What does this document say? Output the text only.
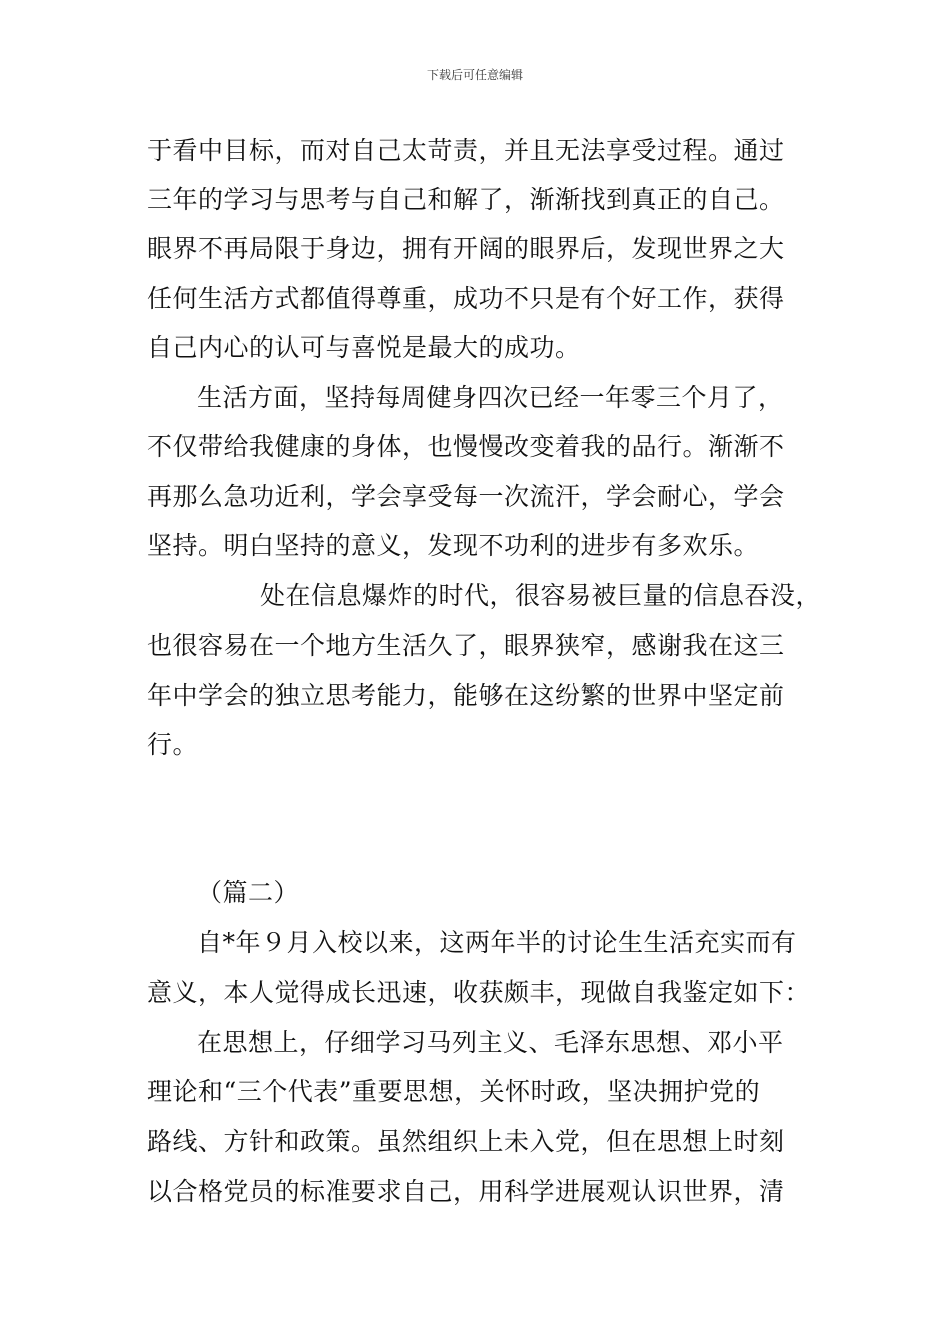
下载后可任意编辑
于看中目标，而对自己太苛责，并且无法享受过程。通过
三年的学习与思考与自己和解了，渐渐找到真正的自己。
眼界不再局限于身边，拥有开阔的眼界后，发现世界之大
任何生活方式都值得尊重，成功不只是有个好工作，获得
自己内心的认可与喜悦是最大的成功。
生活方面，坚持每周健身四次已经一年零三个月了，
不仅带给我健康的身体，也慢慢改变着我的品行。渐渐不
再那么急功近利，学会享受每一次流汗，学会耐心，学会
坚持。明白坚持的意义，发现不功利的进步有多欢乐。
处在信息爆炸的时代，很容易被巨量的信息吞没，
也很容易在一个地方生活久了，眼界狭窄，感谢我在这三
年中学会的独立思考能力，能够在这纷繁的世界中坚定前
行。
（篇二）
自*年９月入校以来，这两年半的讨论生生活充实而有
意义，本人觉得成长迅速，收获颇丰，现做自我鉴定如下：
在思想上，仔细学习马列主义、毛泽东思想、邓小平
理论和“三个代表”重要思想，关怀时政，坚决拥护党的
路线、方针和政策。虽然组织上未入党，但在思想上时刻
以合格党员的标准要求自己，用科学进展观认识世界，清
